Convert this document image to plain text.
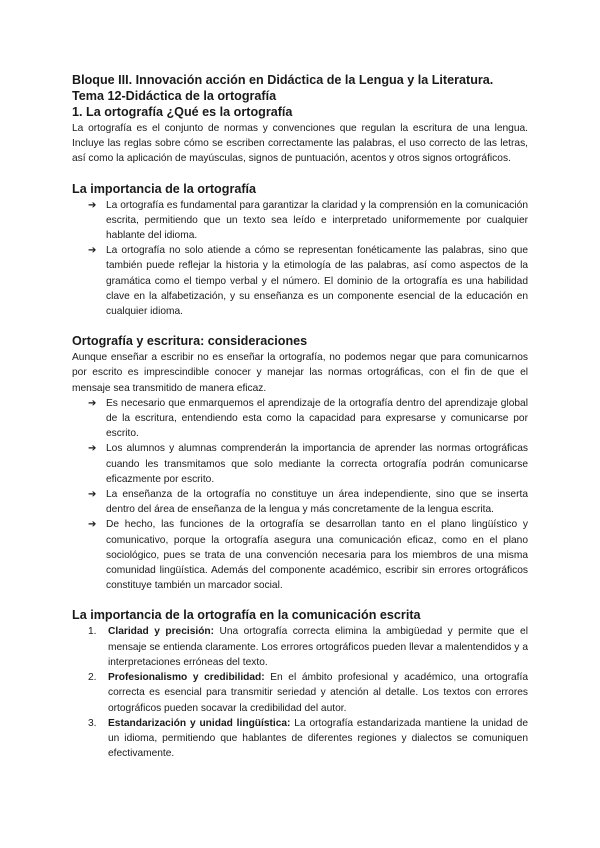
Bloque III. Innovación acción en Didáctica de la Lengua y la Literatura.
Tema 12-Didáctica de la ortografía
1. La ortografía ¿Qué es la ortografía

La ortografía es el conjunto de normas y convenciones que regulan la escritura de una lengua. Incluye las reglas sobre cómo se escriben correctamente las palabras, el uso correcto de las letras, así como la aplicación de mayúsculas, signos de puntuación, acentos y otros signos ortográficos.

La importancia de la ortografía
➔ La ortografía es fundamental para garantizar la claridad y la comprensión en la comunicación escrita, permitiendo que un texto sea leído e interpretado uniformemente por cualquier hablante del idioma.
➔ La ortografía no solo atiende a cómo se representan fonéticamente las palabras, sino que también puede reflejar la historia y la etimología de las palabras, así como aspectos de la gramática como el tiempo verbal y el número. El dominio de la ortografía es una habilidad clave en la alfabetización, y su enseñanza es un componente esencial de la educación en cualquier idioma.
Ortografía y escritura: consideraciones

Aunque enseñar a escribir no es enseñar la ortografía, no podemos negar que para comunicarnos por escrito es imprescindible conocer y manejar las normas ortográficas, con el fin de que el mensaje sea transmitido de manera eficaz.

➔ Es necesario que enmarquemos el aprendizaje de la ortografía dentro del aprendizaje global de la escritura, entendiendo esta como la capacidad para expresarse y comunicarse por escrito.
➔ Los alumnos y alumnas comprenderán la importancia de aprender las normas ortográficas cuando les transmitamos que solo mediante la correcta ortografía podrán comunicarse eficazmente por escrito.
➔ La enseñanza de la ortografía no constituye un área independiente, sino que se inserta dentro del área de enseñanza de la lengua y más concretamente de la lengua escrita.
➔ De hecho, las funciones de la ortografía se desarrollan tanto en el plano lingüístico y comunicativo, porque la ortografía asegura una comunicación eficaz, como en el plano sociológico, pues se trata de una convención necesaria para los miembros de una misma comunidad lingüística. Además del componente académico, escribir sin errores ortográficos constituye también un marcador social.
La importancia de la ortografía en la comunicación escrita
1. Claridad y precisión: Una ortografía correcta elimina la ambigüedad y permite que el mensaje se entienda claramente. Los errores ortográficos pueden llevar a malentendidos y a interpretaciones erróneas del texto.
2. Profesionalismo y credibilidad: En el ámbito profesional y académico, una ortografía correcta es esencial para transmitir seriedad y atención al detalle. Los textos con errores ortográficos pueden socavar la credibilidad del autor.
3. Estandarización y unidad lingüística: La ortografía estandarizada mantiene la unidad de un idioma, permitiendo que hablantes de diferentes regiones y dialectos se comuniquen efectivamente.
